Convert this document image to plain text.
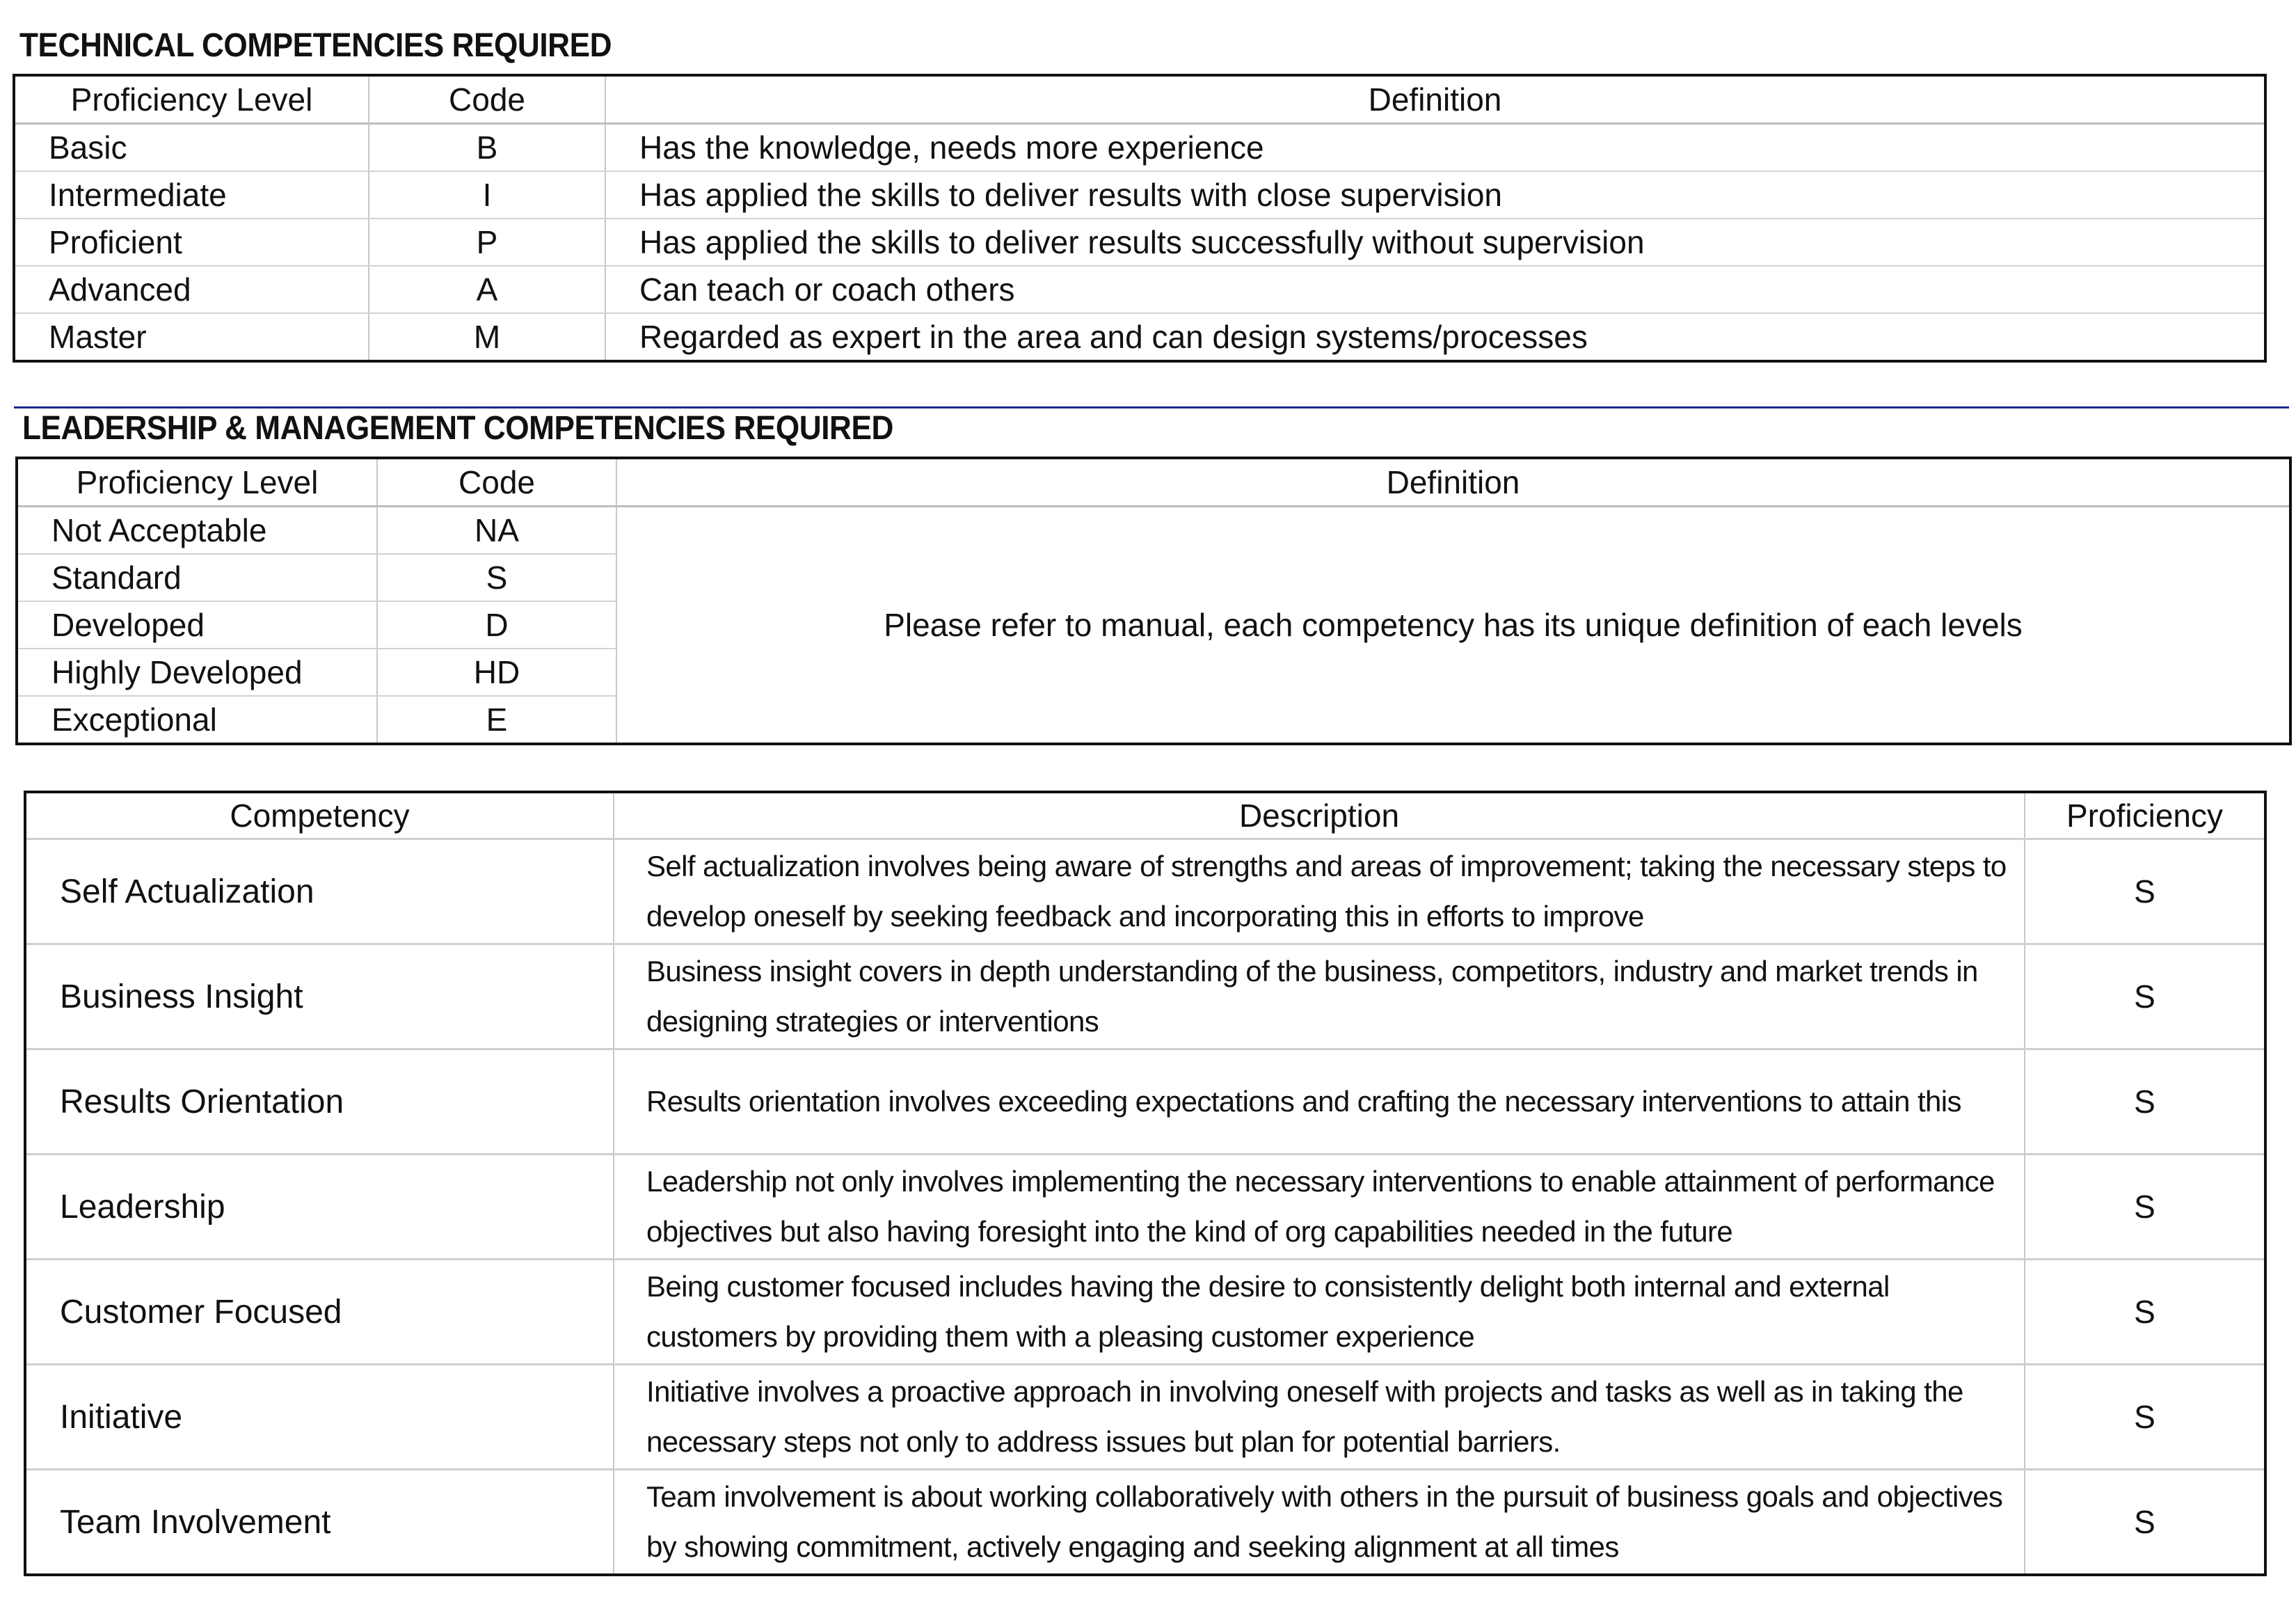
TECHNICAL COMPETENCIES REQUIRED
Proficiency Level	Code	Definition
Basic	B	Has the knowledge, needs more experience
Intermediate	I	Has applied the skills to deliver results with close supervision
Proficient	P	Has applied the skills to deliver results successfully without supervision
Advanced	A	Can teach or coach others
Master	M	Regarded as expert in the area and can design systems/processes
LEADERSHIP & MANAGEMENT COMPETENCIES REQUIRED
Proficiency Level	Code	Definition
Not Acceptable	NA	Please refer to manual, each competency has its unique definition of each levels
Standard	S	
Developed	D	
Highly Developed	HD	
Exceptional	E	
Competency	Description	Proficiency
Self Actualization	Self actualization involves being aware of strengths and areas of improvement; taking the necessary steps to develop oneself by seeking feedback and incorporating this in efforts to improve	S
Business Insight	Business insight covers in depth understanding of the business, competitors, industry and market trends in designing strategies or interventions	S
Results Orientation	Results orientation involves exceeding expectations and crafting the necessary interventions to attain this	S
Leadership	Leadership not only involves implementing the necessary interventions to enable attainment of performance objectives but also having foresight into the kind of org capabilities needed in the future	S
Customer Focused	Being customer focused includes having the desire to consistently delight both internal and external customers by providing them with a pleasing customer experience	S
Initiative	Initiative involves a proactive approach in involving oneself with projects and tasks as well as in taking the necessary steps not only to address issues but plan for potential barriers.	S
Team Involvement	Team involvement is about working collaboratively with others in the pursuit of business goals and objectives by showing commitment, actively engaging and seeking alignment at all times	S
